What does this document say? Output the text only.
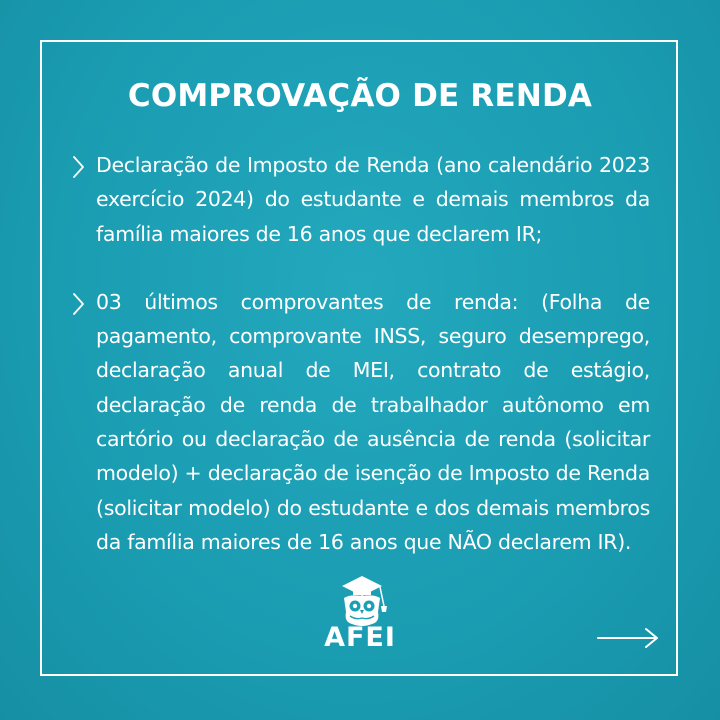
COMPROVAÇÃO DE RENDA
Declaração de Imposto de Renda (ano calendário 2023 exercício 2024) do estudante e demais membros da família maiores de 16 anos que declarem IR;
03 últimos comprovantes de renda: (Folha de pagamento, comprovante INSS, seguro desemprego, declaração anual de MEI, contrato de estágio, declaração de renda de trabalhador autônomo em cartório ou declaração de ausência de renda (solicitar modelo) + declaração de isenção de Imposto de Renda (solicitar modelo) do estudante e dos demais membros da família maiores de 16 anos que NÃO declarem IR).
AFEI
